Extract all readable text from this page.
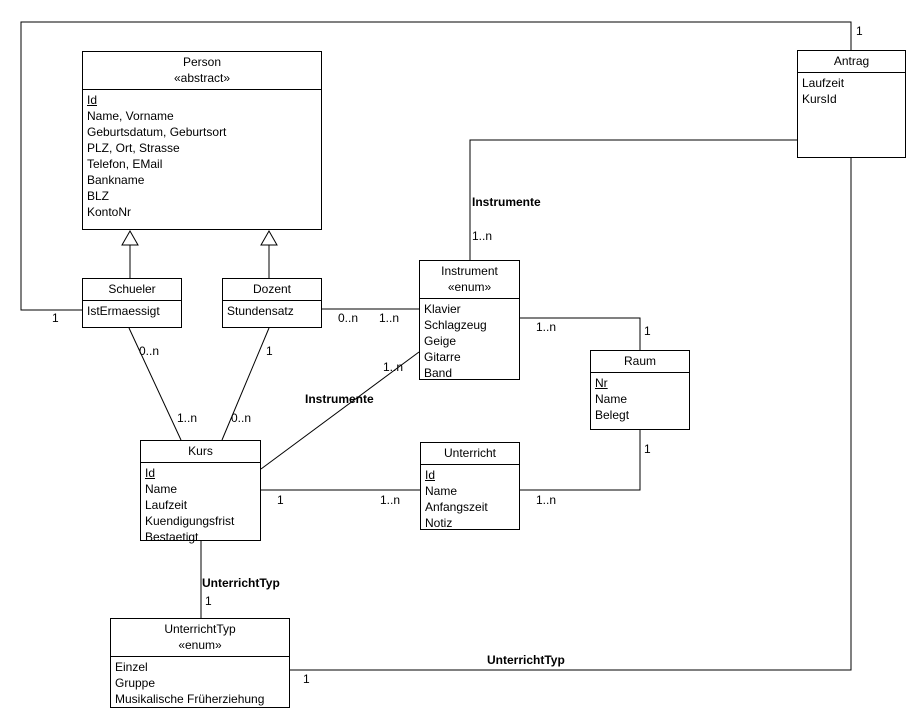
Person
«abstract»
Id
Name, Vorname
Geburtsdatum, Geburtsort
PLZ, Ort, Strasse
Telefon, EMail
Bankname
BLZ
KontoNr
Antrag
Laufzeit
KursId
Schueler
IstErmaessigt
Dozent
Stundensatz
Instrument
«enum»
Klavier
Schlagzeug
Geige
Gitarre
Band
Raum
Nr
Name
Belegt
Kurs
Id
Name
Laufzeit
Kuendigungsfrist
Bestaetigt
Unterricht
Id
Name
Anfangszeit
Notiz
UnterrichtTyp
«enum»
Einzel
Gruppe
Musikalische Früherziehung
1
1	0..n 1..n
Instrumente
1..n
0..n
1..n
1
0..n
Instrumente
1..n
1..n	1
1	1..n	1..n
1
UnterrichtTyp
1
1
UnterrichtTyp
